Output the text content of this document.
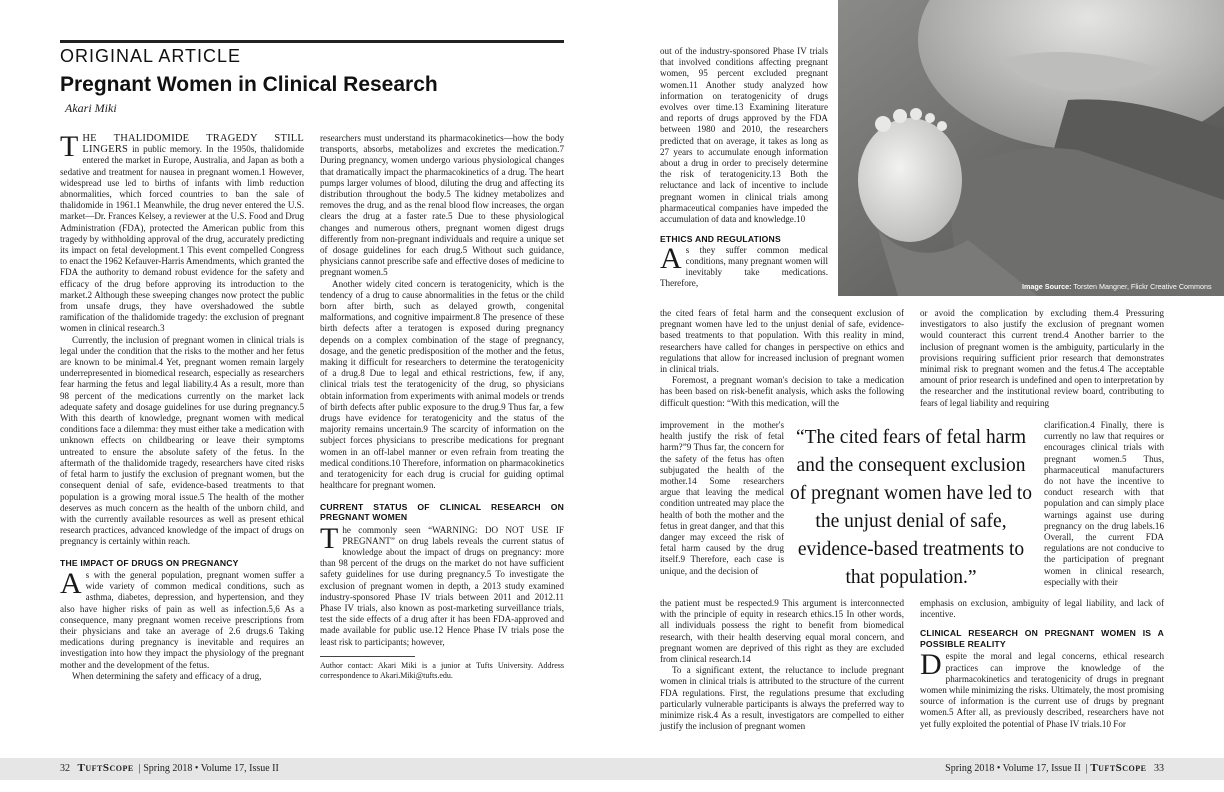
Image Source: Torsten Mangner, Flickr Creative Commons
ORIGINAL ARTICLE
Pregnant Women in Clinical Research
Akari Miki

THE THALIDOMIDE TRAGEDY STILL LINGERS in public memory. In the 1950s, thalidomide entered the market in Europe, Australia, and Japan as both a sedative and treatment for nausea in pregnant women.1 However, widespread use led to births of infants with limb reduction abnormalities, which forced countries to ban the sale of thalidomide in 1961.1 Meanwhile, the drug never entered the U.S. market—Dr. Frances Kelsey, a reviewer at the U.S. Food and Drug Administration (FDA), protected the American public from this tragedy by withholding approval of the drug, accurately predicting its impact on fetal development.1 This event compelled Congress to enact the 1962 Kefauver-Harris Amendments, which granted the FDA the authority to demand robust evidence for the safety and efficacy of the drug before approving its introduction to the market.2 Although these sweeping changes now protect the public from unsafe drugs, they have overshadowed the subtle ramification of the thalidomide tragedy: the exclusion of pregnant women in clinical research.3

Currently, the inclusion of pregnant women in clinical trials is legal under the condition that the risks to the mother and her fetus are known to be minimal.4 Yet, pregnant women remain largely underrepresented in biomedical research, especially as researchers fear harming the fetus and legal liability.4 As a result, more than 98 percent of the medications currently on the market lack adequate safety and dosage guidelines for use during pregnancy.5 With this dearth of knowledge, pregnant women with medical conditions face a dilemma: they must either take a medication with unknown effects on childbearing or leave their symptoms untreated to ensure the absolute safety of the fetus. In the aftermath of the thalidomide tragedy, researchers have cited risks of fetal harm to justify the exclusion of pregnant women, but the consequent denial of safe, evidence-based treatments to that population is a growing moral issue.5 The health of the mother deserves as much concern as the health of the unborn child, and with the currently available resources as well as present ethical research practices, advanced knowledge of the impact of drugs on pregnancy is certainly within reach.

THE IMPACT OF DRUGS ON PREGNANCY

As with the general population, pregnant women suffer a wide variety of common medical conditions, such as asthma, diabetes, depression, and hypertension, and they also have higher risks of pain as well as infection.5,6 As a consequence, many pregnant women receive prescriptions from their physicians and take an average of 2.6 drugs.6 Taking medications during pregnancy is inevitable and requires an investigation into how they impact the physiology of the pregnant mother and the development of the fetus.

When determining the safety and efficacy of a drug,

researchers must understand its pharmacokinetics—how the body transports, absorbs, metabolizes and excretes the medication.7 During pregnancy, women undergo various physiological changes that dramatically impact the pharmacokinetics of a drug. The heart pumps larger volumes of blood, diluting the drug and affecting its distribution throughout the body.5 The kidney metabolizes and removes the drug, and as the renal blood flow increases, the organ clears the drug at a faster rate.5 Due to these physiological changes and numerous others, pregnant women digest drugs differently from non-pregnant individuals and require a unique set of dosage guidelines for each drug.5 Without such guidance, physicians cannot prescribe safe and effective doses of medicine to pregnant women.5

Another widely cited concern is teratogenicity, which is the tendency of a drug to cause abnormalities in the fetus or the child born after birth, such as delayed growth, congenital malformations, and cognitive impairment.8 The presence of these birth defects after a teratogen is exposed during pregnancy depends on a complex combination of the stage of pregnancy, dosage, and the genetic predisposition of the mother and the fetus, making it difficult for researchers to determine the teratogenicity of a drug.8 Due to legal and ethical restrictions, few, if any, clinical trials test the teratogenicity of the drug, so physicians obtain information from experiments with animal models or trends of birth defects after public exposure to the drug.9 Thus far, a few drugs have evidence for teratogenicity and the status of the majority remains uncertain.9 The scarcity of information on the subject forces physicians to prescribe medications for pregnant women in an off-label manner or even refrain from treating the medical conditions.10 Therefore, information on pharmacokinetics and teratogenicity for each drug is crucial for guiding optimal healthcare for pregnant women.

CURRENT STATUS OF CLINICAL RESEARCH ON PREGNANT WOMEN

The commonly seen “WARNING: DO NOT USE IF PREGNANT” on drug labels reveals the current status of knowledge about the impact of drugs on pregnancy: more than 98 percent of the drugs on the market do not have sufficient safety guidelines for use during pregnancy.5 To investigate the exclusion of pregnant women in depth, a 2013 study examined industry-sponsored Phase IV trials between 2011 and 2012.11 Phase IV trials, also known as post-marketing surveillance trials, test the side effects of a drug after it has been FDA-approved and made available for public use.12 Hence Phase IV trials pose the least risk to participants; however,

Author contact: Akari Miki is a junior at Tufts University. Address correspondence to Akari.Miki@tufts.edu.

out of the industry-sponsored Phase IV trials that involved conditions affecting pregnant women, 95 percent excluded pregnant women.11 Another study analyzed how information on teratogenicity of drugs evolves over time.13 Examining literature and reports of drugs approved by the FDA between 1980 and 2010, the researchers predicted that on average, it takes as long as 27 years to accumulate enough information about a drug in order to precisely determine the risk of teratogenicity.13 Both the reluctance and lack of incentive to include pregnant women in clinical trials among pharmaceutical companies have impeded the accumulation of data and knowledge.10

ETHICS AND REGULATIONS

As they suffer common medical conditions, many pregnant women will inevitably take medications. Therefore,

the cited fears of fetal harm and the consequent exclusion of pregnant women have led to the unjust denial of safe, evidence-based treatments to that population. With this reality in mind, researchers have called for changes in perspective on ethics and regulations that allow for increased inclusion of pregnant women in clinical trials.

Foremost, a pregnant woman's decision to take a medication has been based on risk-benefit analysis, which asks the following difficult question: “With this medication, will the

improvement in the mother's health justify the risk of fetal harm?”9 Thus far, the concern for the safety of the fetus has often subjugated the health of the mother.14 Some researchers argue that leaving the medical condition untreated may place the health of both the mother and the fetus in great danger, and that this danger may exceed the risk of fetal harm caused by the drug itself.9 Therefore, each case is unique, and the decision of

the patient must be respected.9 This argument is interconnected with the principle of equity in research ethics.15 In other words, all individuals possess the right to benefit from biomedical research, with their health deserving equal moral concern, and pregnant women are deprived of this right as they are excluded from clinical research.14

To a significant extent, the reluctance to include pregnant women in clinical trials is attributed to the structure of the current FDA regulations. First, the regulations presume that excluding particularly vulnerable participants is always the preferred way to minimize risk.4 As a result, investigators are compelled to either justify the inclusion of pregnant women

“The cited fears of fetal harm and the consequent exclusion of pregnant women have led to the unjust denial of safe, evidence-based treatments to that population.”

or avoid the complication by excluding them.4 Pressuring investigators to also justify the exclusion of pregnant women would counteract this current trend.4 Another barrier to the inclusion of pregnant women is the ambiguity, particularly in the provisions requiring sufficient prior research that demonstrates minimal risk to pregnant women and the fetus.4 The acceptable amount of prior research is undefined and open to interpretation by the researcher and the institutional review board, contributing to fears of legal liability and requiring

clarification.4 Finally, there is currently no law that requires or encourages clinical trials with pregnant women.5 Thus, pharmaceutical manufacturers do not have the incentive to conduct research with that population and can simply place warnings against use during pregnancy on the drug labels.16 Overall, the current FDA regulations are not conducive to the participation of pregnant women in clinical research, especially with their

emphasis on exclusion, ambiguity of legal liability, and lack of incentive.

CLINICAL RESEARCH ON PREGNANT WOMEN IS A POSSIBLE REALITY

Despite the moral and legal concerns, ethical research practices can improve the knowledge of the pharmacokinetics and teratogenicity of drugs in pregnant women while minimizing the risks. Ultimately, the most promising source of information is the current use of drugs by pregnant women.5 After all, as previously described, researchers have not yet fully exploited the potential of Phase IV trials.10 For

32 TuftScope  | Spring 2018 • Volume 17, Issue II	Spring 2018 • Volume 17, Issue II  | TuftScope 33
